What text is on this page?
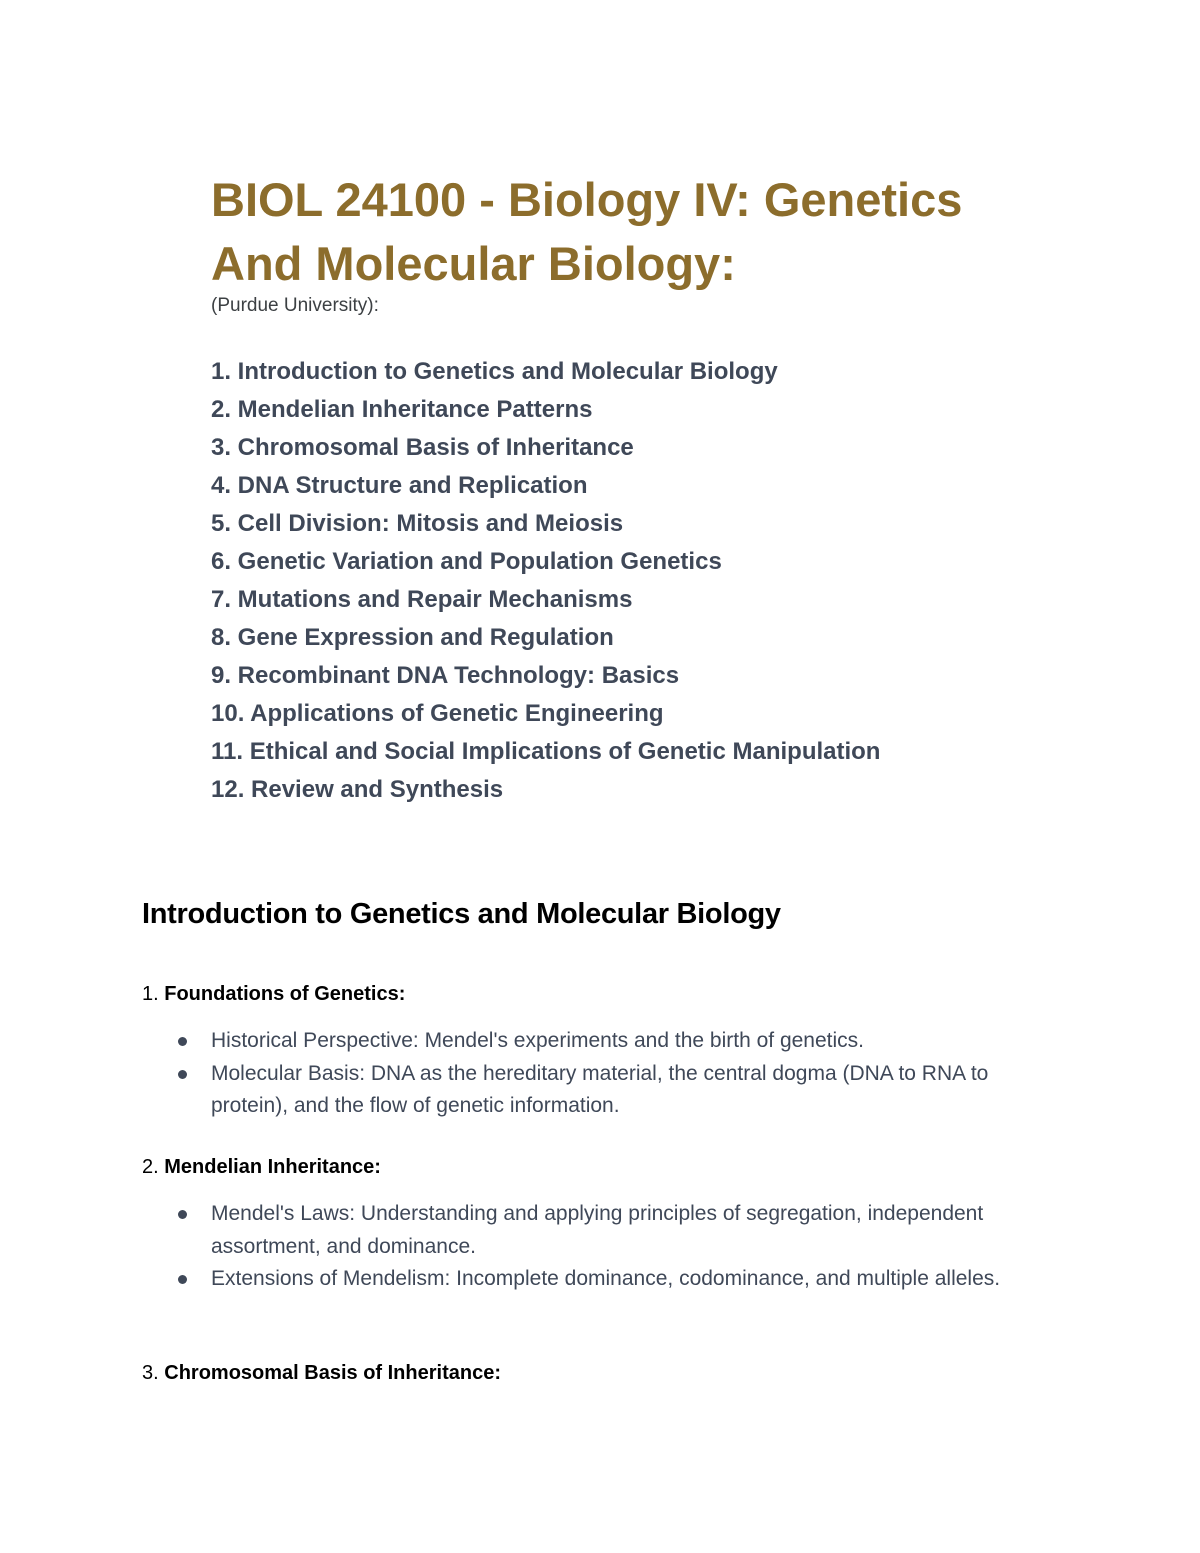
BIOL 24100 - Biology IV: Genetics And Molecular Biology:

(Purdue University):

1. Introduction to Genetics and Molecular Biology
2. Mendelian Inheritance Patterns
3. Chromosomal Basis of Inheritance
4. DNA Structure and Replication
5. Cell Division: Mitosis and Meiosis
6. Genetic Variation and Population Genetics
7. Mutations and Repair Mechanisms
8. Gene Expression and Regulation
9. Recombinant DNA Technology: Basics
10. Applications of Genetic Engineering
11. Ethical and Social Implications of Genetic Manipulation
12. Review and Synthesis
Introduction to Genetics and Molecular Biology

1. Foundations of Genetics:

Historical Perspective: Mendel's experiments and the birth of genetics.
Molecular Basis: DNA as the hereditary material, the central dogma (DNA to RNA to protein), and the flow of genetic information.

2. Mendelian Inheritance:

Mendel's Laws: Understanding and applying principles of segregation, independent assortment, and dominance.
Extensions of Mendelism: Incomplete dominance, codominance, and multiple alleles.

3. Chromosomal Basis of Inheritance:
